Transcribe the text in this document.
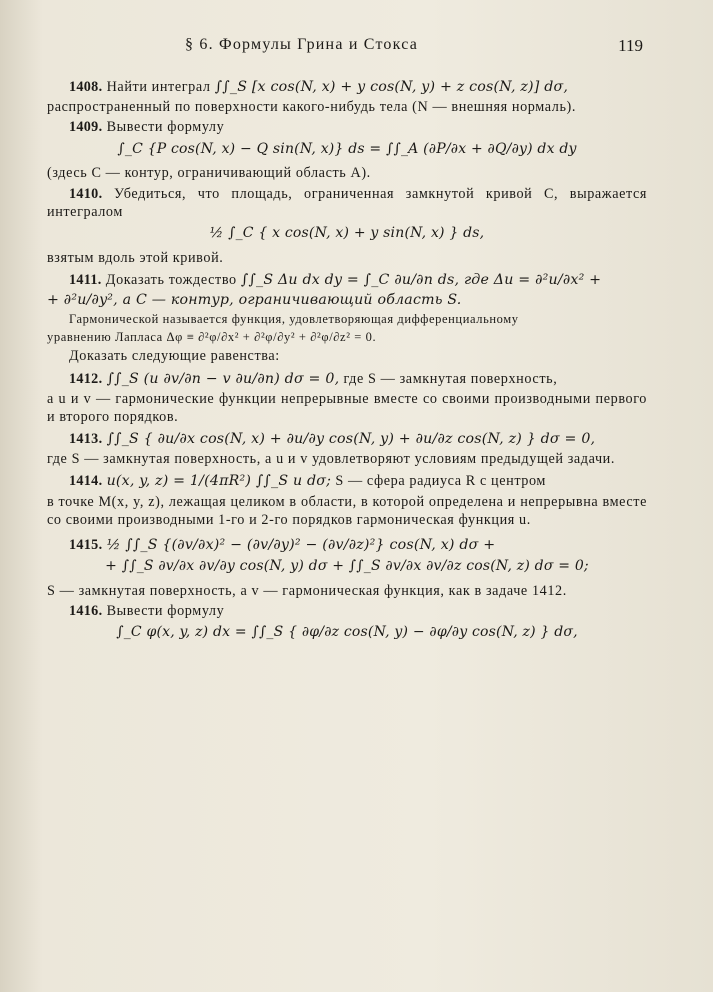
§ 6. Формулы Грина и Стокса	119

1408. Найти интеграл ∫∫_S [x cos(N, x) + y cos(N, y) + z cos(N, z)] dσ,

распространенный по поверхности какого-нибудь тела (N — внешняя нормаль).

1409. Вывести формулу

∫_C {P cos(N, x) − Q sin(N, x)} ds = ∫∫_A (∂P/∂x + ∂Q/∂y) dx dy

(здесь C — контур, ограничивающий область A).

1410. Убедиться, что площадь, ограниченная замкнутой кривой C, выражается интегралом

½ ∫_C { x cos(N, x) + y sin(N, x) } ds,

взятым вдоль этой кривой.

1411. Доказать тождество ∫∫_S Δu dx dy = ∫_C ∂u/∂n ds, где Δu = ∂²u/∂x² +

+ ∂²u/∂y², а C — контур, ограничивающий область S.

Гармонической называется функция, удовлетворяющая дифференциальному

уравнению Лапласа Δφ ≡ ∂²φ/∂x² + ∂²φ/∂y² + ∂²φ/∂z² = 0.

Доказать следующие равенства:

1412. ∫∫_S (u ∂v/∂n − v ∂u/∂n) dσ = 0, где S — замкнутая поверхность,

а u и v — гармонические функции непрерывные вместе со своими производными первого и второго порядков.

1413. ∫∫_S { ∂u/∂x cos(N, x) + ∂u/∂y cos(N, y) + ∂u/∂z cos(N, z) } dσ = 0,

где S — замкнутая поверхность, а u и v удовлетворяют условиям предыдущей задачи.

1414. u(x, y, z) = 1/(4πR²) ∫∫_S u dσ; S — сфера радиуса R с центром

в точке M(x, y, z), лежащая целиком в области, в которой определена и непрерывна вместе со своими производными 1-го и 2-го порядков гармоническая функция u.

1415. ½ ∫∫_S {(∂v/∂x)² − (∂v/∂y)² − (∂v/∂z)²} cos(N, x) dσ +

+ ∫∫_S ∂v/∂x ∂v/∂y cos(N, y) dσ + ∫∫_S ∂v/∂x ∂v/∂z cos(N, z) dσ = 0;

S — замкнутая поверхность, а v — гармоническая функция, как в задаче 1412.

1416. Вывести формулу

∫_C φ(x, y, z) dx = ∫∫_S { ∂φ/∂z cos(N, y) − ∂φ/∂y cos(N, z) } dσ,
